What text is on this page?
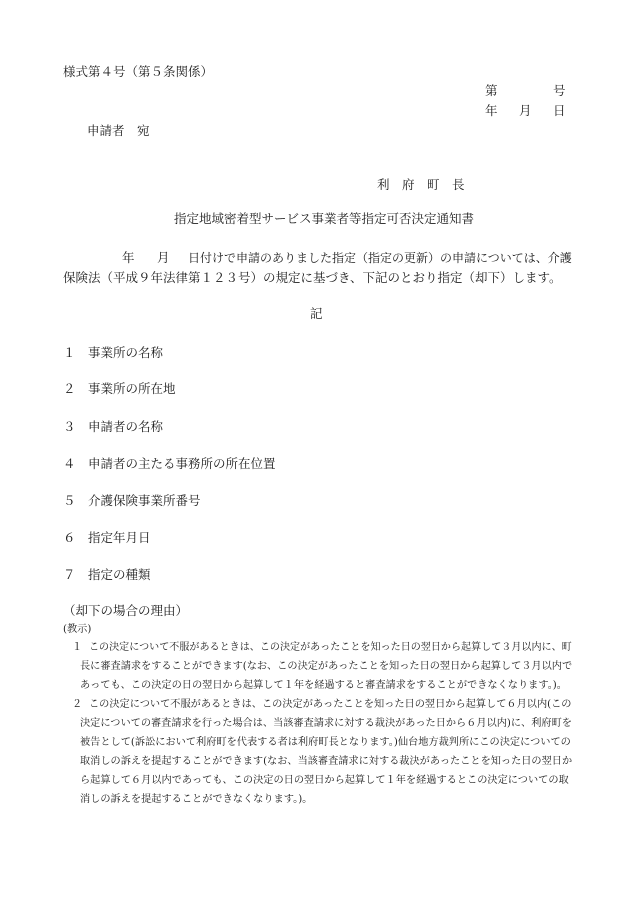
様式第４号（第５条関係）
第	号
年 月 日
申請者　宛
利　府　町　長
指定地域密着型サービス事業者等指定可否決定通知書
年 月 日付けで申請のありました指定（指定の更新）の申請については、介護
保険法（平成９年法律第１２３号）の規定に基づき、下記のとおり指定（却下）します。
記
１ 事業所の名称
２ 事業所の所在地
３ 申請者の名称
４ 申請者の主たる事務所の所在位置
５ 介護保険事業所番号
６ 指定年月日
７ 指定の種類
（却下の場合の理由）
(教示)
１ この決定について不服があるときは、この決定があったことを知った日の翌日から起算して３月以内に、町
長に審査請求をすることができます(なお、この決定があったことを知った日の翌日から起算して３月以内で
あっても、この決定の日の翌日から起算して１年を経過すると審査請求をすることができなくなります。)。
２ この決定について不服があるときは、この決定があったことを知った日の翌日から起算して６月以内(この
決定についての審査請求を行った場合は、当該審査請求に対する裁決があった日から６月以内)に、利府町を
被告として(訴訟において利府町を代表する者は利府町長となります。)仙台地方裁判所にこの決定についての
取消しの訴えを提起することができます(なお、当該審査請求に対する裁決があったことを知った日の翌日か
ら起算して６月以内であっても、この決定の日の翌日から起算して１年を経過するとこの決定についての取
消しの訴えを提起することができなくなります。)。
